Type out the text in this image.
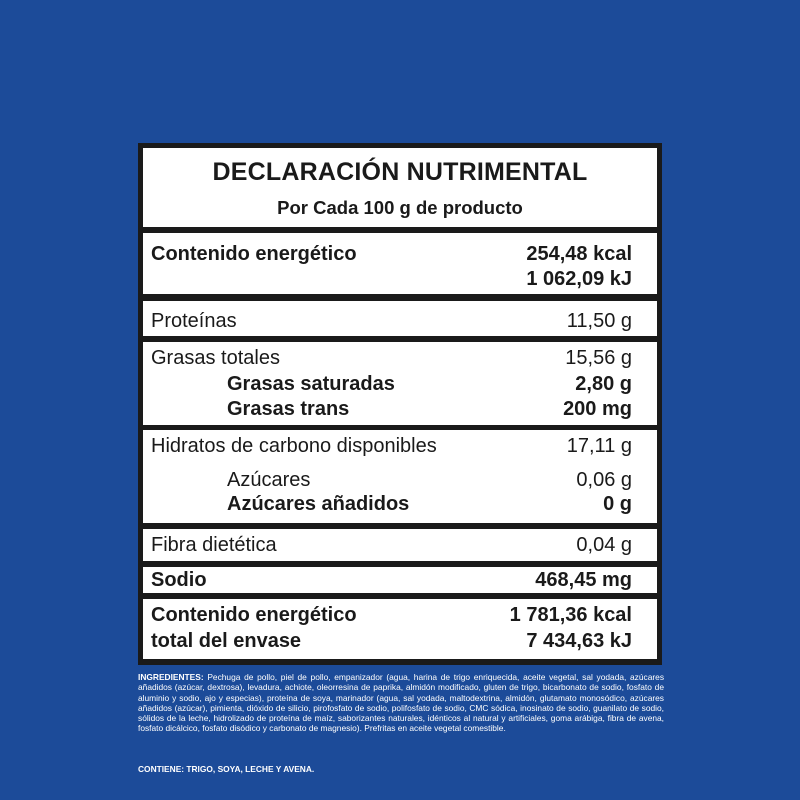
DECLARACIÓN NUTRIMENTAL
Por Cada 100 g de producto
Contenido energético	254,48 kcal
1 062,09 kJ
Proteínas	11,50 g
Grasas totales	15,56 g
Grasas saturadas	2,80 g
Grasas trans	200 mg
Hidratos de carbono disponibles	17,11 g
Azúcares	0,06 g
Azúcares añadidos	0 g
Fibra dietética	0,04 g
Sodio	468,45 mg
Contenido energético	1 781,36 kcal
total del envase	7 434,63 kJ
INGREDIENTES: Pechuga de pollo, piel de pollo, empanizador (agua, harina de trigo enriquecida, aceite vegetal, sal yodada, azúcares añadidos (azúcar, dextrosa), levadura, achiote, oleorresina de paprika, almidón modificado, gluten de trigo, bicarbonato de sodio, fosfato de aluminio y sodio, ajo y especias), proteína de soya, marinador (agua, sal yodada, maltodextrina, almidón, glutamato monosódico, azúcares añadidos (azúcar), pimienta, dióxido de silicio, pirofosfato de sodio, polifosfato de sodio, CMC sódica, inosinato de sodio, guanilato de sodio, sólidos de la leche, hidrolizado de proteína de maíz, saborizantes naturales, idénticos al natural y artificiales, goma arábiga, fibra de avena, fosfato dicálcico, fosfato disódico y carbonato de magnesio). Prefritas en aceite vegetal comestible.
CONTIENE: TRIGO, SOYA, LECHE Y AVENA.
